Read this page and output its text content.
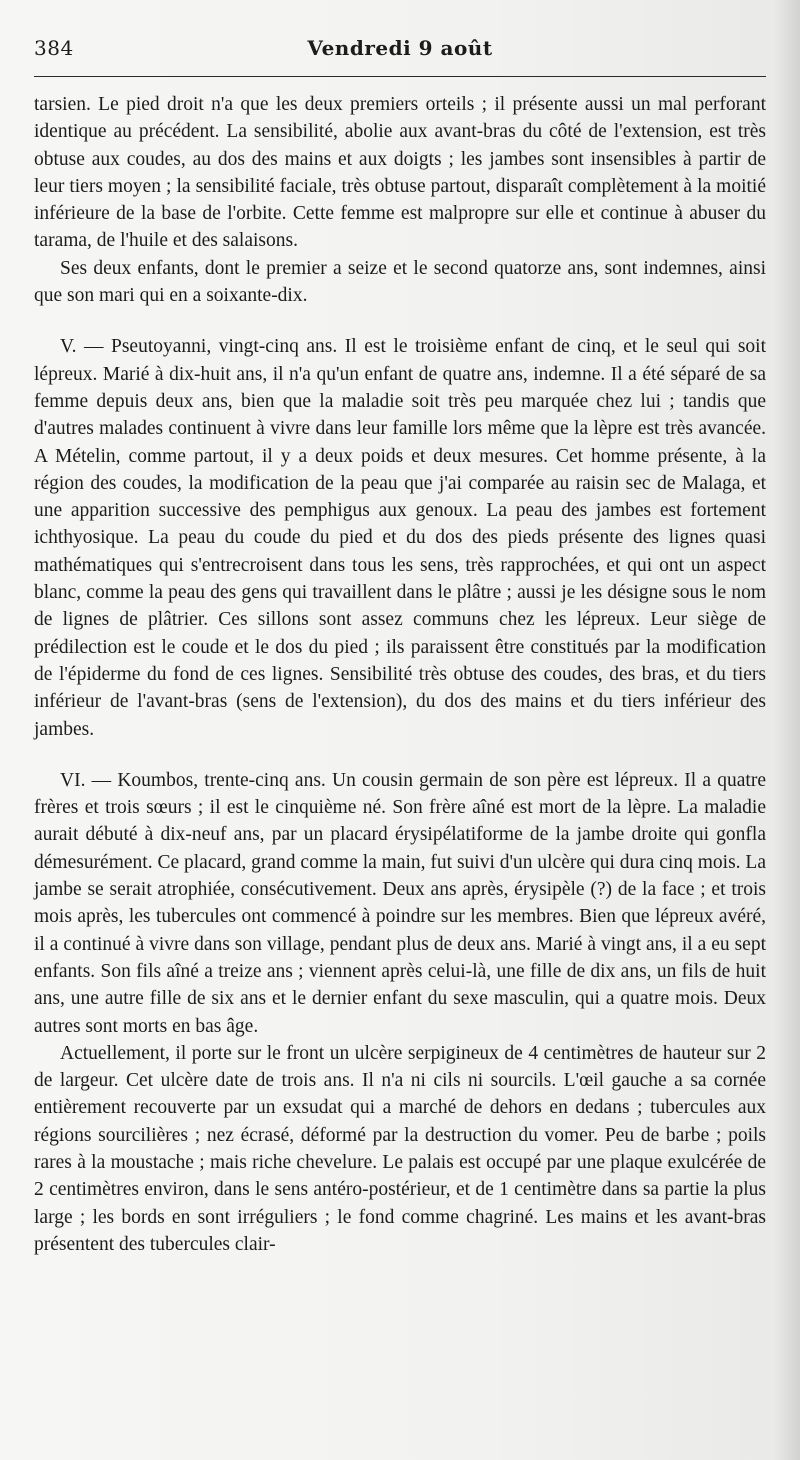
384	Vendredi 9 août

tarsien. Le pied droit n'a que les deux premiers orteils ; il présente aussi un mal perforant identique au précédent. La sensibilité, abolie aux avant-bras du côté de l'extension, est très obtuse aux coudes, au dos des mains et aux doigts ; les jambes sont insensibles à partir de leur tiers moyen ; la sensibilité faciale, très obtuse partout, disparaît complètement à la moitié inférieure de la base de l'orbite. Cette femme est malpropre sur elle et continue à abuser du tarama, de l'huile et des salaisons.

Ses deux enfants, dont le premier a seize et le second quatorze ans, sont indemnes, ainsi que son mari qui en a soixante-dix.

V. — Pseutoyanni, vingt-cinq ans. Il est le troisième enfant de cinq, et le seul qui soit lépreux. Marié à dix-huit ans, il n'a qu'un enfant de quatre ans, indemne. Il a été séparé de sa femme depuis deux ans, bien que la maladie soit très peu marquée chez lui ; tandis que d'autres malades continuent à vivre dans leur famille lors même que la lèpre est très avancée. A Mételin, comme partout, il y a deux poids et deux mesures. Cet homme présente, à la région des coudes, la modification de la peau que j'ai comparée au raisin sec de Malaga, et une apparition successive des pemphigus aux genoux. La peau des jambes est fortement ichthyosique. La peau du coude du pied et du dos des pieds présente des lignes quasi mathématiques qui s'entrecroisent dans tous les sens, très rapprochées, et qui ont un aspect blanc, comme la peau des gens qui travaillent dans le plâtre ; aussi je les désigne sous le nom de lignes de plâtrier. Ces sillons sont assez communs chez les lépreux. Leur siège de prédilection est le coude et le dos du pied ; ils paraissent être constitués par la modification de l'épiderme du fond de ces lignes. Sensibilité très obtuse des coudes, des bras, et du tiers inférieur de l'avant-bras (sens de l'extension), du dos des mains et du tiers inférieur des jambes.

VI. — Koumbos, trente-cinq ans. Un cousin germain de son père est lépreux. Il a quatre frères et trois sœurs ; il est le cinquième né. Son frère aîné est mort de la lèpre. La maladie aurait débuté à dix-neuf ans, par un placard érysipélatiforme de la jambe droite qui gonfla démesurément. Ce placard, grand comme la main, fut suivi d'un ulcère qui dura cinq mois. La jambe se serait atrophiée, consécutivement. Deux ans après, érysipèle (?) de la face ; et trois mois après, les tubercules ont commencé à poindre sur les membres. Bien que lépreux avéré, il a continué à vivre dans son village, pendant plus de deux ans. Marié à vingt ans, il a eu sept enfants. Son fils aîné a treize ans ; viennent après celui-là, une fille de dix ans, un fils de huit ans, une autre fille de six ans et le dernier enfant du sexe masculin, qui a quatre mois. Deux autres sont morts en bas âge.

Actuellement, il porte sur le front un ulcère serpigineux de 4 centimètres de hauteur sur 2 de largeur. Cet ulcère date de trois ans. Il n'a ni cils ni sourcils. L'œil gauche a sa cornée entièrement recouverte par un exsudat qui a marché de dehors en dedans ; tubercules aux régions sourcilières ; nez écrasé, déformé par la destruction du vomer. Peu de barbe ; poils rares à la moustache ; mais riche chevelure. Le palais est occupé par une plaque exulcérée de 2 centimètres environ, dans le sens antéro-postérieur, et de 1 centimètre dans sa partie la plus large ; les bords en sont irréguliers ; le fond comme chagriné. Les mains et les avant-bras présentent des tubercules clair-
